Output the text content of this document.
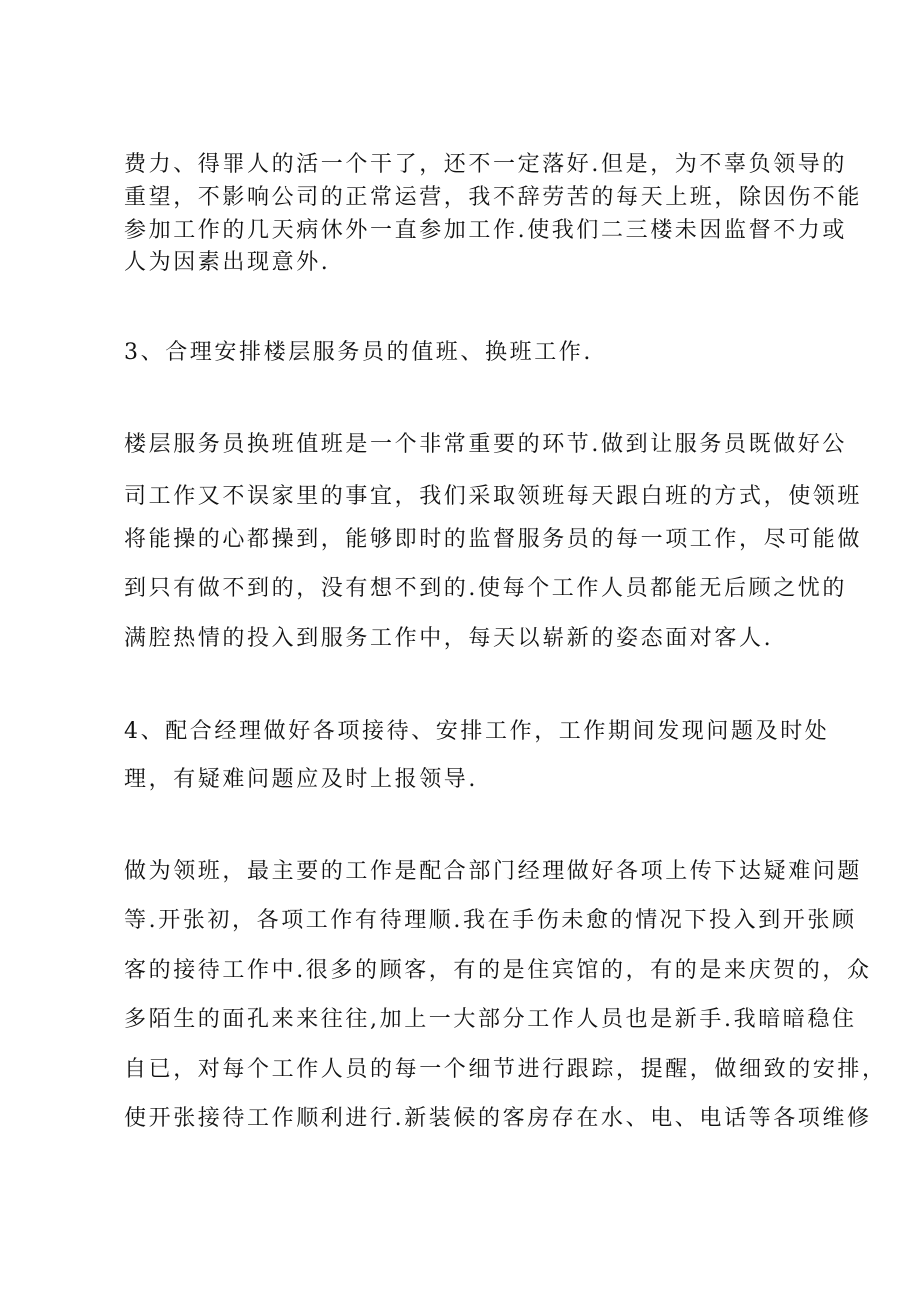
费力、得罪人的活一个干了，还不一定落好.但是，为不辜负领导的
重望，不影响公司的正常运营，我不辞劳苦的每天上班，除因伤不能
参加工作的几天病休外一直参加工作.使我们二三楼未因监督不力或
人为因素出现意外.
3、合理安排楼层服务员的值班、换班工作.
楼层服务员换班值班是一个非常重要的环节.做到让服务员既做好公
司工作又不误家里的事宜，我们采取领班每天跟白班的方式，使领班
将能操的心都操到，能够即时的监督服务员的每一项工作，尽可能做
到只有做不到的，没有想不到的.使每个工作人员都能无后顾之忧的
满腔热情的投入到服务工作中，每天以崭新的姿态面对客人.
4、配合经理做好各项接待、安排工作，工作期间发现问题及时处
理，有疑难问题应及时上报领导.
做为领班，最主要的工作是配合部门经理做好各项上传下达疑难问题
等.开张初，各项工作有待理顺.我在手伤未愈的情况下投入到开张顾
客的接待工作中.很多的顾客，有的是住宾馆的，有的是来庆贺的，众
多陌生的面孔来来往往,加上一大部分工作人员也是新手.我暗暗稳住
自已，对每个工作人员的每一个细节进行跟踪，提醒，做细致的安排，
使开张接待工作顺利进行.新装候的客房存在水、电、电话等各项维修
